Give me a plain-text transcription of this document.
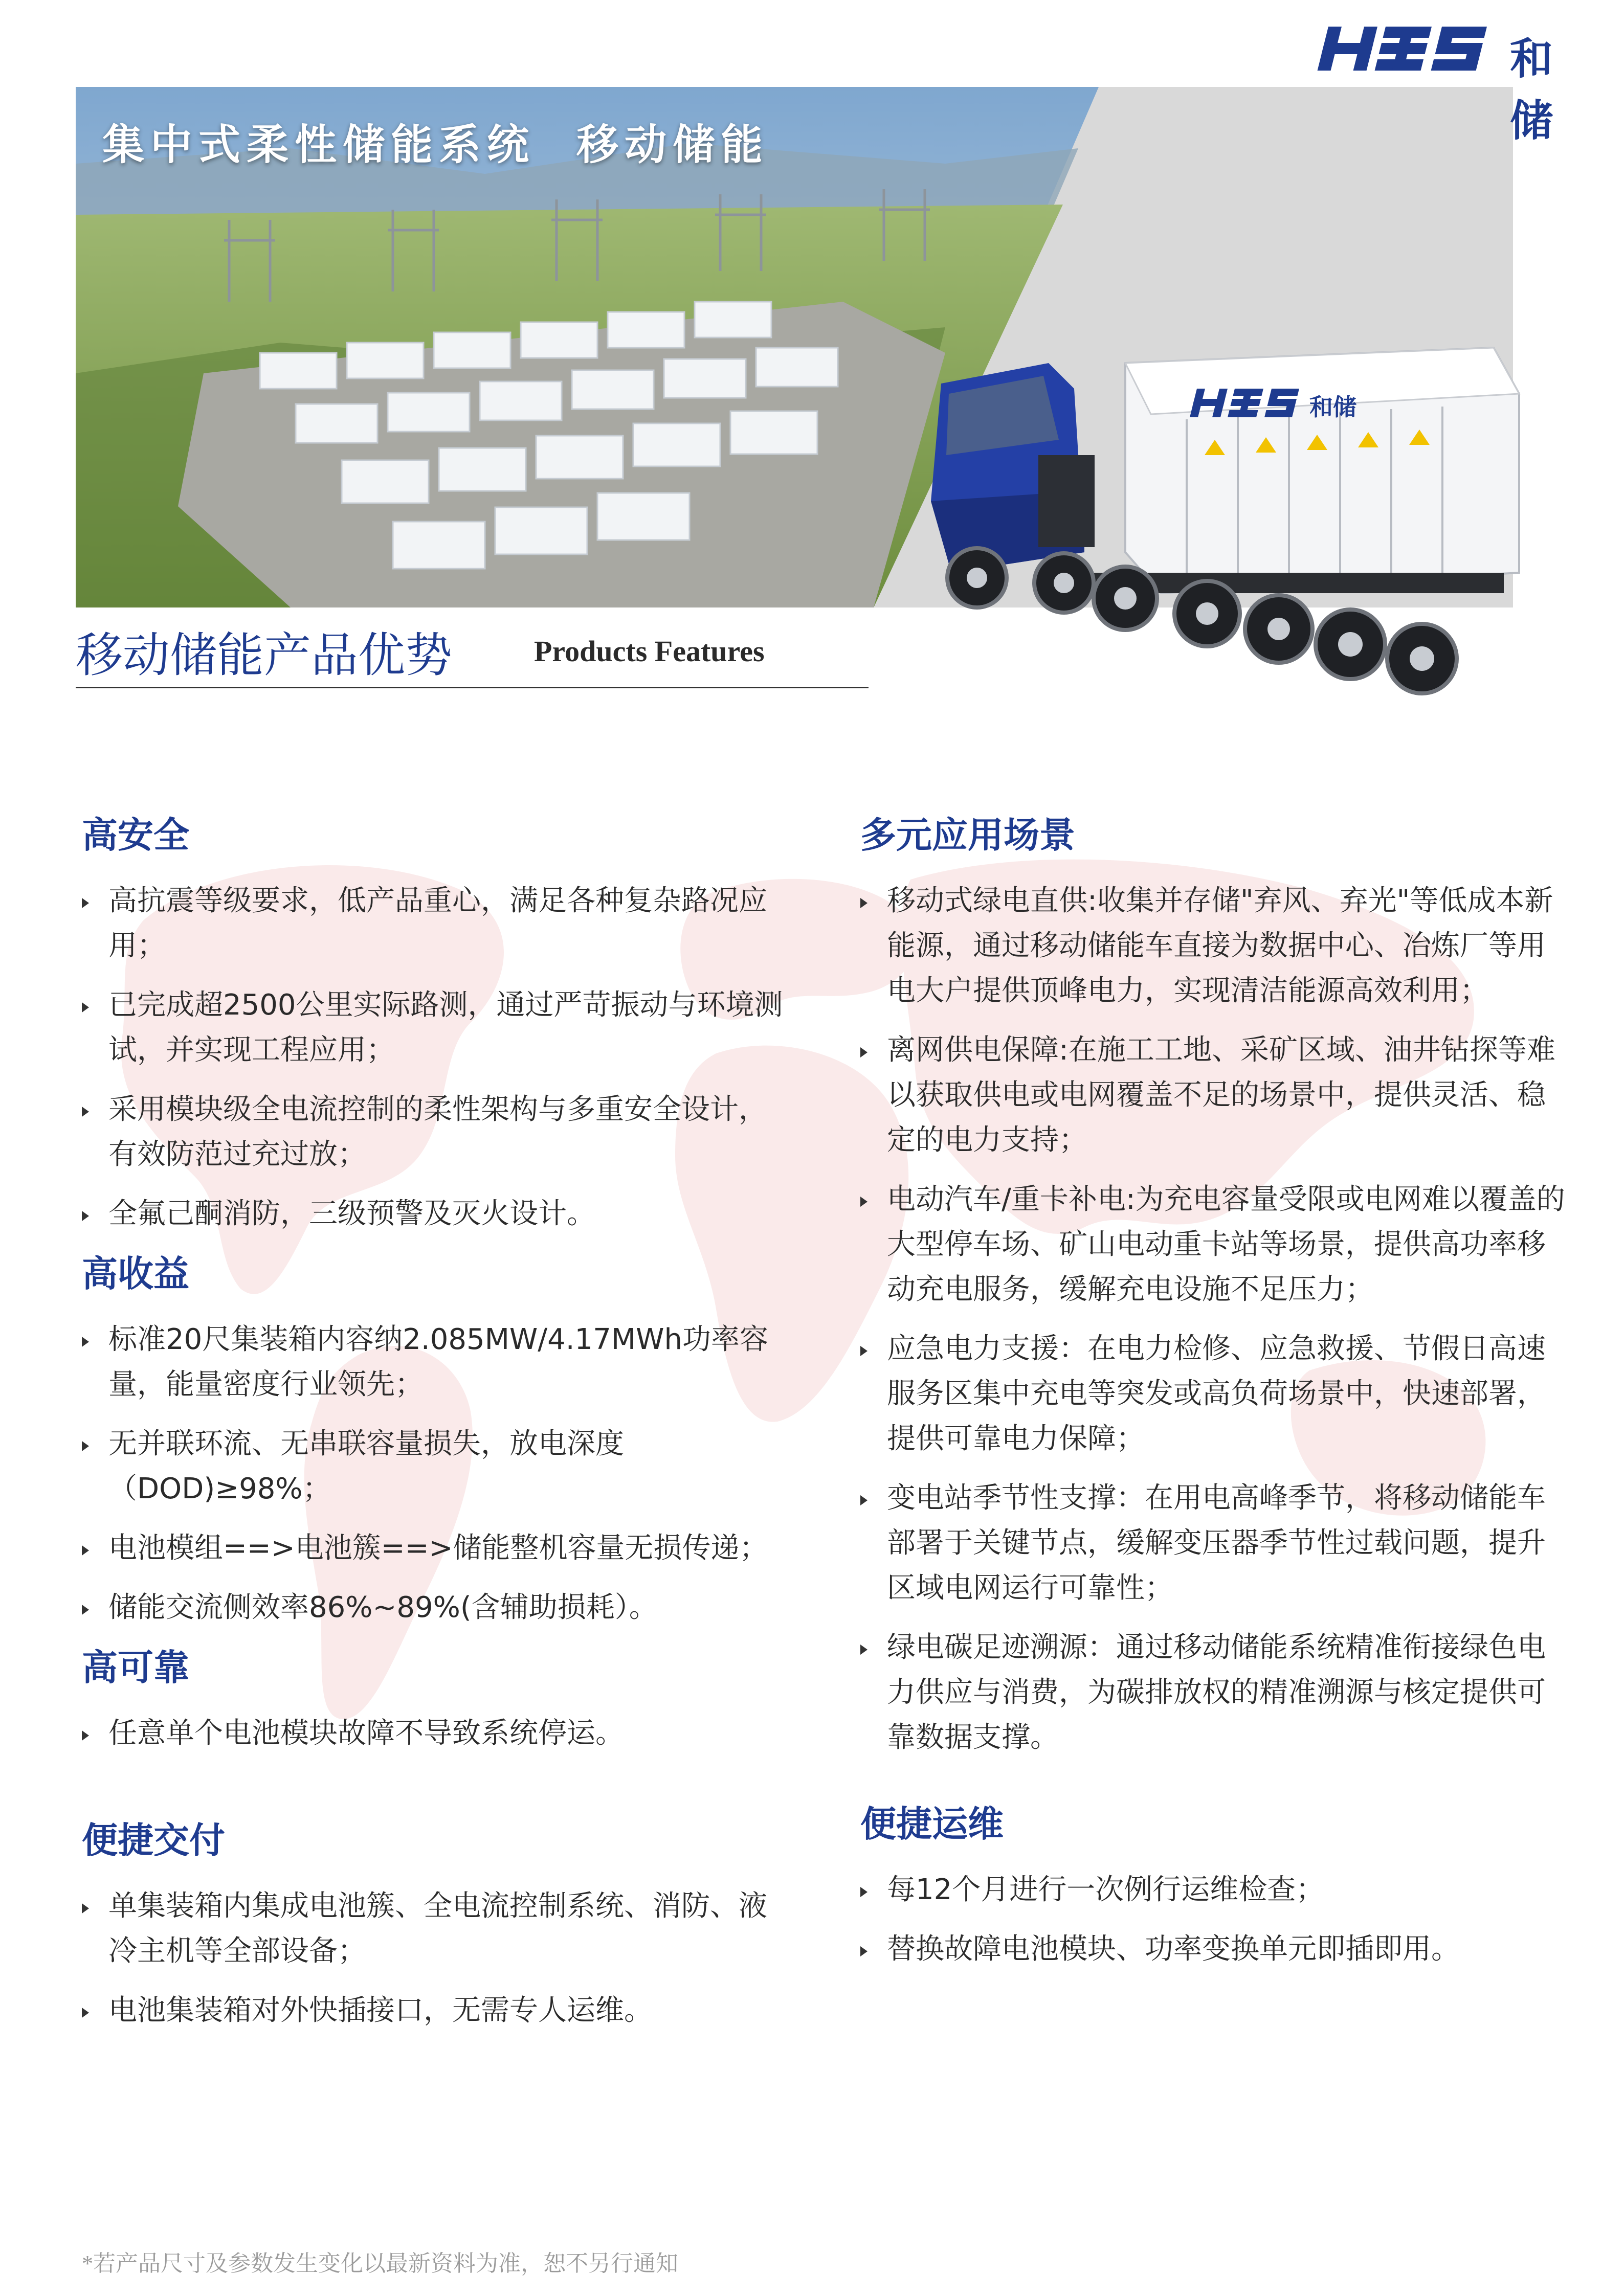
和储
集中式柔性储能系统  移动储能
和储
移动储能产品优势	Products Features
高安全
高抗震等级要求，低产品重心，满足各种复杂路况应用；
已完成超2500公里实际路测，通过严苛振动与环境测试，并实现工程应用；
采用模块级全电流控制的柔性架构与多重安全设计，有效防范过充过放；
全氟己酮消防，三级预警及灭火设计。
高收益
标准20尺集装箱内容纳2.085MW/4.17MWh功率容量，能量密度行业领先；
无并联环流、无串联容量损失，放电深度（DOD)≥98%；
电池模组==>电池簇==>储能整机容量无损传递；
储能交流侧效率86%~89%(含辅助损耗）。
高可靠
任意单个电池模块故障不导致系统停运。
便捷交付
单集装箱内集成电池簇、全电流控制系统、消防、液冷主机等全部设备；
电池集装箱对外快插接口，无需专人运维。
多元应用场景
移动式绿电直供:收集并存储"弃风、弃光"等低成本新能源，通过移动储能车直接为数据中心、冶炼厂等用电大户提供顶峰电力，实现清洁能源高效利用；
离网供电保障:在施工工地、采矿区域、油井钻探等难以获取供电或电网覆盖不足的场景中，提供灵活、稳定的电力支持；
电动汽车/重卡补电:为充电容量受限或电网难以覆盖的大型停车场、矿山电动重卡站等场景，提供高功率移动充电服务，缓解充电设施不足压力；
应急电力支援：在电力检修、应急救援、节假日高速服务区集中充电等突发或高负荷场景中，快速部署，提供可靠电力保障；
变电站季节性支撑：在用电高峰季节，将移动储能车部署于关键节点，缓解变压器季节性过载问题，提升区域电网运行可靠性；
绿电碳足迹溯源：通过移动储能系统精准衔接绿色电力供应与消费，为碳排放权的精准溯源与核定提供可靠数据支撑。
便捷运维
每12个月进行一次例行运维检查；
替换故障电池模块、功率变换单元即插即用。
*若产品尺寸及参数发生变化以最新资料为准，恕不另行通知
